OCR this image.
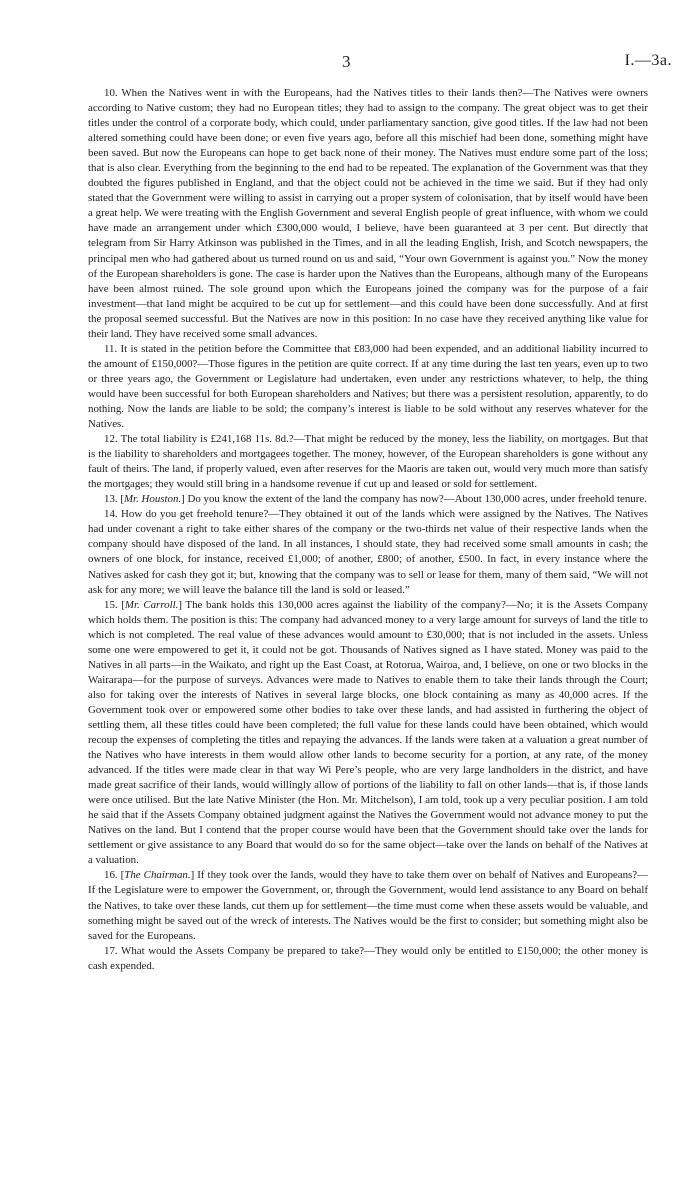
3	I.—3a.

10. When the Natives went in with the Europeans, had the Natives titles to their lands then?—The Natives were owners according to Native custom; they had no European titles; they had to assign to the company. The great object was to get their titles under the control of a corporate body, which could, under parliamentary sanction, give good titles. If the law had not been altered something could have been done; or even five years ago, before all this mischief had been done, something might have been saved. But now the Europeans can hope to get back none of their money. The Natives must endure some part of the loss; that is also clear. Everything from the beginning to the end had to be repeated. The explanation of the Government was that they doubted the figures published in England, and that the object could not be achieved in the time we said. But if they had only stated that the Government were willing to assist in carrying out a proper system of colonisation, that by itself would have been a great help. We were treating with the English Government and several English people of great influence, with whom we could have made an arrangement under which £300,000 would, I believe, have been guaranteed at 3 per cent. But directly that telegram from Sir Harry Atkinson was published in the Times, and in all the leading English, Irish, and Scotch newspapers, the principal men who had gathered about us turned round on us and said, “Your own Government is against you.” Now the money of the European shareholders is gone. The case is harder upon the Natives than the Europeans, although many of the Europeans have been almost ruined. The sole ground upon which the Europeans joined the company was for the purpose of a fair investment—that land might be acquired to be cut up for settlement—and this could have been done successfully. And at first the proposal seemed successful. But the Natives are now in this position: In no case have they received anything like value for their land. They have received some small advances.

11. It is stated in the petition before the Committee that £83,000 had been expended, and an additional liability incurred to the amount of £150,000?—Those figures in the petition are quite correct. If at any time during the last ten years, even up to two or three years ago, the Government or Legislature had undertaken, even under any restrictions whatever, to help, the thing would have been successful for both European shareholders and Natives; but there was a persistent resolution, apparently, to do nothing. Now the lands are liable to be sold; the company’s interest is liable to be sold without any reserves whatever for the Natives.

12. The total liability is £241,168 11s. 8d.?—That might be reduced by the money, less the liability, on mortgages. But that is the liability to shareholders and mortgagees together. The money, however, of the European shareholders is gone without any fault of theirs. The land, if properly valued, even after reserves for the Maoris are taken out, would very much more than satisfy the mortgages; they would still bring in a handsome revenue if cut up and leased or sold for settlement.

13. [Mr. Houston.] Do you know the extent of the land the company has now?—About 130,000 acres, under freehold tenure.

14. How do you get freehold tenure?—They obtained it out of the lands which were assigned by the Natives. The Natives had under covenant a right to take either shares of the company or the two-thirds net value of their respective lands when the company should have disposed of the land. In all instances, I should state, they had received some small amounts in cash; the owners of one block, for instance, received £1,000; of another, £800; of another, £500. In fact, in every instance where the Natives asked for cash they got it; but, knowing that the company was to sell or lease for them, many of them said, “We will not ask for any more; we will leave the balance till the land is sold or leased.”

15. [Mr. Carroll.] The bank holds this 130,000 acres against the liability of the company?—No; it is the Assets Company which holds them. The position is this: The company had advanced money to a very large amount for surveys of land the title to which is not completed. The real value of these advances would amount to £30,000; that is not included in the assets. Unless some one were empowered to get it, it could not be got. Thousands of Natives signed as I have stated. Money was paid to the Natives in all parts—in the Waikato, and right up the East Coast, at Rotorua, Wairoa, and, I believe, on one or two blocks in the Wairarapa—for the purpose of surveys. Advances were made to Natives to enable them to take their lands through the Court; also for taking over the interests of Natives in several large blocks, one block containing as many as 40,000 acres. If the Government took over or empowered some other bodies to take over these lands, and had assisted in furthering the object of settling them, all these titles could have been completed; the full value for these lands could have been obtained, which would recoup the expenses of completing the titles and repaying the advances. If the lands were taken at a valuation a great number of the Natives who have interests in them would allow other lands to become security for a portion, at any rate, of the money advanced. If the titles were made clear in that way Wi Pere’s people, who are very large landholders in the district, and have made great sacrifice of their lands, would willingly allow of portions of the liability to fall on other lands—that is, if those lands were once utilised. But the late Native Minister (the Hon. Mr. Mitchelson), I am told, took up a very peculiar position. I am told he said that if the Assets Company obtained judgment against the Natives the Government would not advance money to put the Natives on the land. But I contend that the proper course would have been that the Government should take over the lands for settlement or give assistance to any Board that would do so for the same object—take over the lands on behalf of the Natives at a valuation.

16. [The Chairman.] If they took over the lands, would they have to take them over on behalf of Natives and Europeans?—If the Legislature were to empower the Government, or, through the Government, would lend assistance to any Board on behalf the Natives, to take over these lands, cut them up for settlement—the time must come when these assets would be valuable, and something might be saved out of the wreck of interests. The Natives would be the first to consider; but something might also be saved for the Europeans.

17. What would the Assets Company be prepared to take?—They would only be entitled to £150,000; the other money is cash expended.
